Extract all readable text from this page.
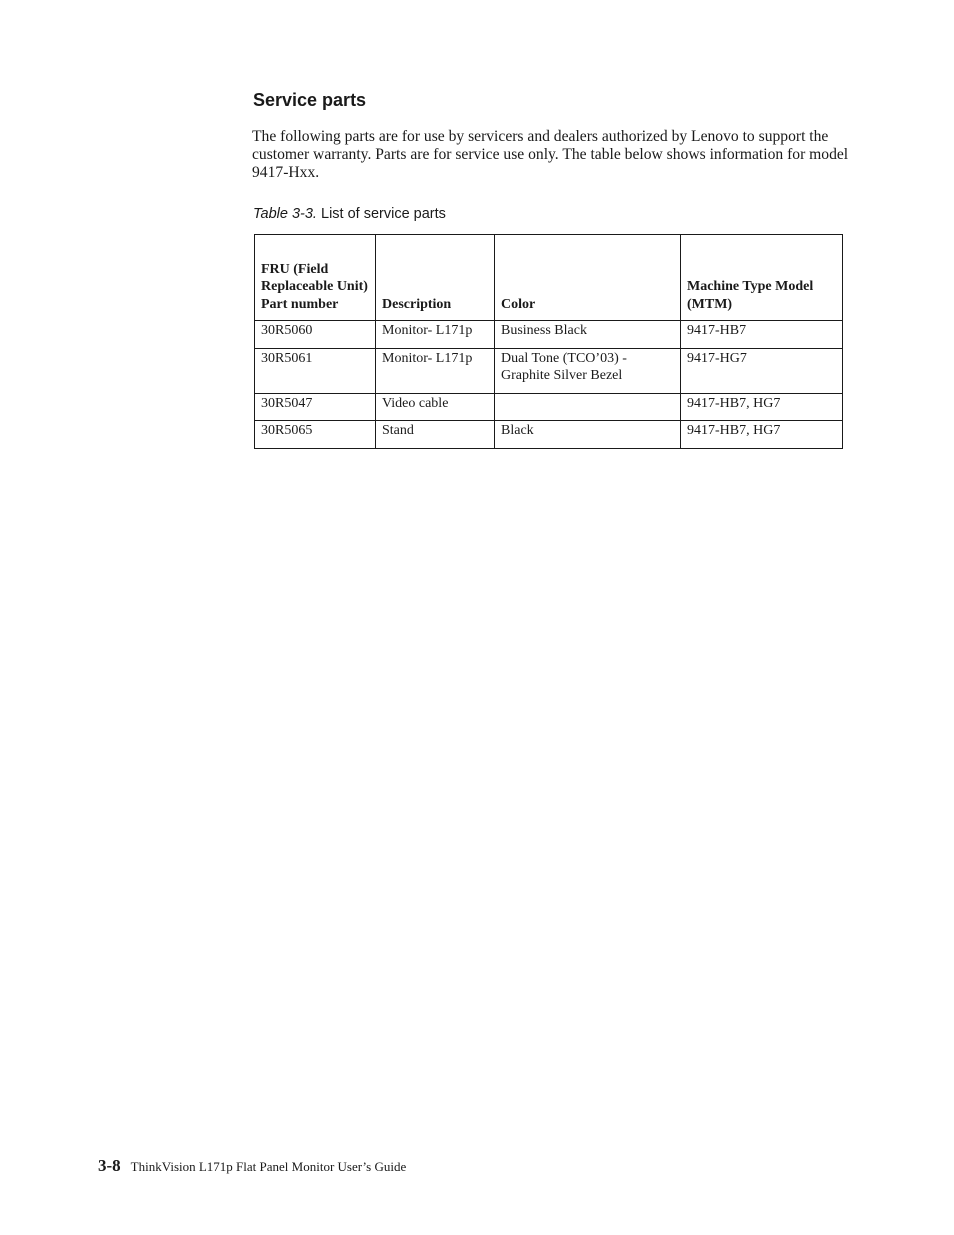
Service parts

The following parts are for use by servicers and dealers authorized by Lenovo to support the customer warranty. Parts are for service use only. The table below shows information for model 9417-Hxx.

Table 3-3. List of service parts

FRU (Field Replaceable Unit) Part number	Description	Color	Machine Type Model (MTM)
30R5060	Monitor- L171p	Business Black	9417-HB7
30R5061	Monitor- L171p	Dual Tone (TCO’03) - Graphite Silver Bezel	9417-HG7
30R5047	Video cable		9417-HB7, HG7
30R5065	Stand	Black	9417-HB7, HG7

3-8 ThinkVision L171p Flat Panel Monitor User’s Guide
